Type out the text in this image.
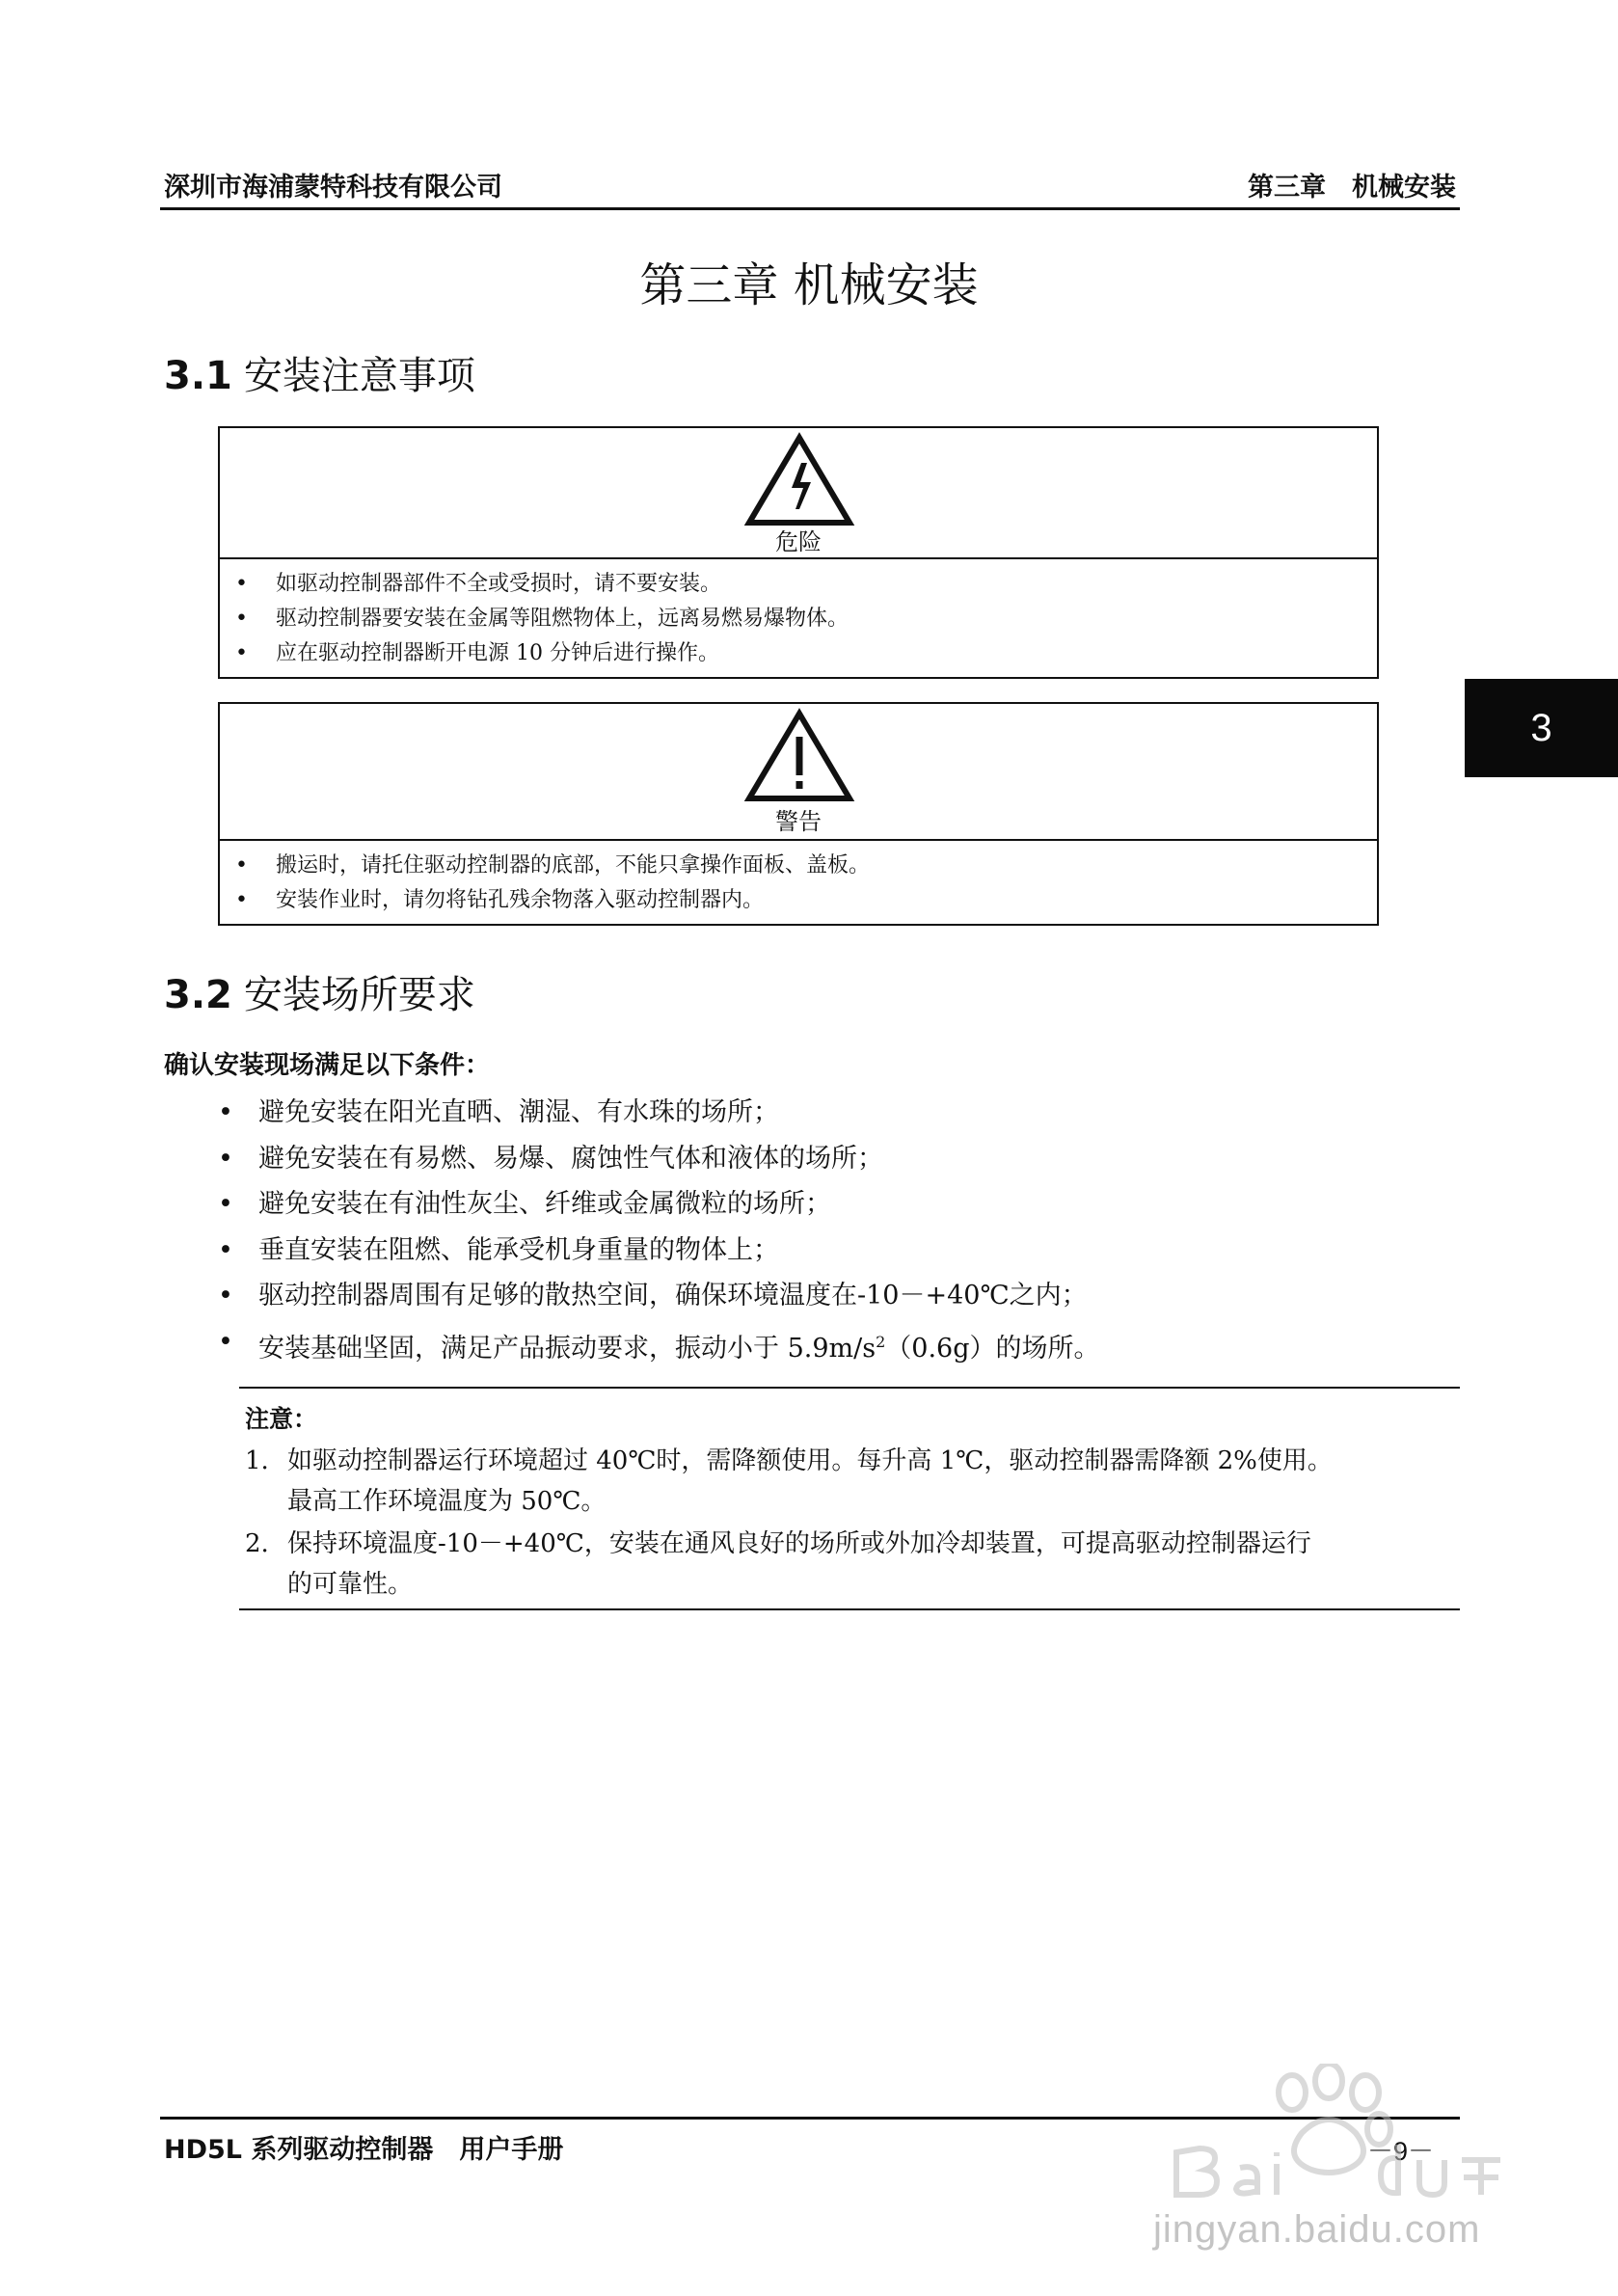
深圳市海浦蒙特科技有限公司	第三章　机械安装
第三章 机械安装
3.1 安装注意事项
危险
• 如驱动控制器部件不全或受损时，请不要安装。
• 驱动控制器要安装在金属等阻燃物体上，远离易燃易爆物体。
• 应在驱动控制器断开电源 10 分钟后进行操作。
警告
• 搬运时，请托住驱动控制器的底部，不能只拿操作面板、盖板。
• 安装作业时，请勿将钻孔残余物落入驱动控制器内。
3
3.2 安装场所要求
确认安装现场满足以下条件：
• 避免安装在阳光直晒、潮湿、有水珠的场所；
• 避免安装在有易燃、易爆、腐蚀性气体和液体的场所；
• 避免安装在有油性灰尘、纤维或金属微粒的场所；
• 垂直安装在阻燃、能承受机身重量的物体上；
• 驱动控制器周围有足够的散热空间，确保环境温度在-10－+40℃之内；
• 安装基础坚固，满足产品振动要求，振动小于 $5.9m/s^2(0.6g)$的场所。
注意：
1. 如驱动控制器运行环境超过 40℃时，需降额使用。每升高 1℃，驱动控制器需降额 2%使用。
最高工作环境温度为 50℃。
2. 保持环境温度-10－+40℃，安装在通风良好的场所或外加冷却装置，可提高驱动控制器运行
的可靠性。
HD5L 系列驱动控制器　用户手册	－9－
jingyan.baidu.com
